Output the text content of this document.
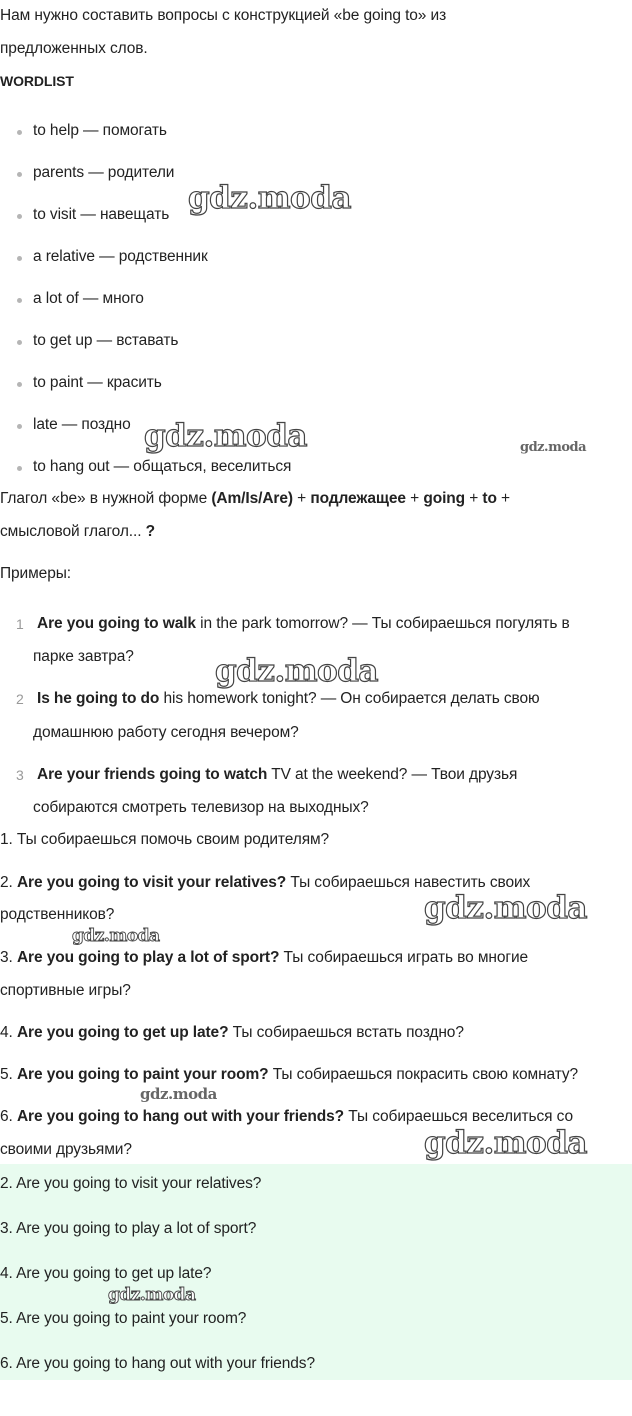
Нам нужно составить вопросы с конструкцией «be going to» из
предложенных слов.
WORDLIST
to help — помогать
parents — родители
to visit — навещать
a relative — родственник
a lot of — много
to get up — вставать
to paint — красить
late — поздно
to hang out — общаться, веселиться
Глагол «be» в нужной форме (Am/Is/Are) + подлежащее + going + to +
смысловой глагол... ?
Примеры:
1 Are you going to walk in the park tomorrow? — Ты собираешься погулять в
парке завтра?
2 Is he going to do his homework tonight? — Он собирается делать свою
домашнюю работу сегодня вечером?
3 Are your friends going to watch TV at the weekend? — Твои друзья
собираются смотреть телевизор на выходных?
1. Ты собираешься помочь своим родителям?
2. Are you going to visit your relatives? Ты собираешься навестить своих
родственников?
3. Are you going to play a lot of sport? Ты собираешься играть во многие
спортивные игры?
4. Are you going to get up late? Ты собираешься встать поздно?
5. Are you going to paint your room? Ты собираешься покрасить свою комнату?
6. Are you going to hang out with your friends? Ты собираешься веселиться со
своими друзьями?
2. Are you going to visit your relatives?
3. Are you going to play a lot of sport?
4. Are you going to get up late?
5. Are you going to paint your room?
6. Are you going to hang out with your friends?
gdz.moda
gdz.moda	gdz.moda
gdz.moda
gdz.moda
gdz.moda
gdz.moda
gdz.moda
gdz.moda
